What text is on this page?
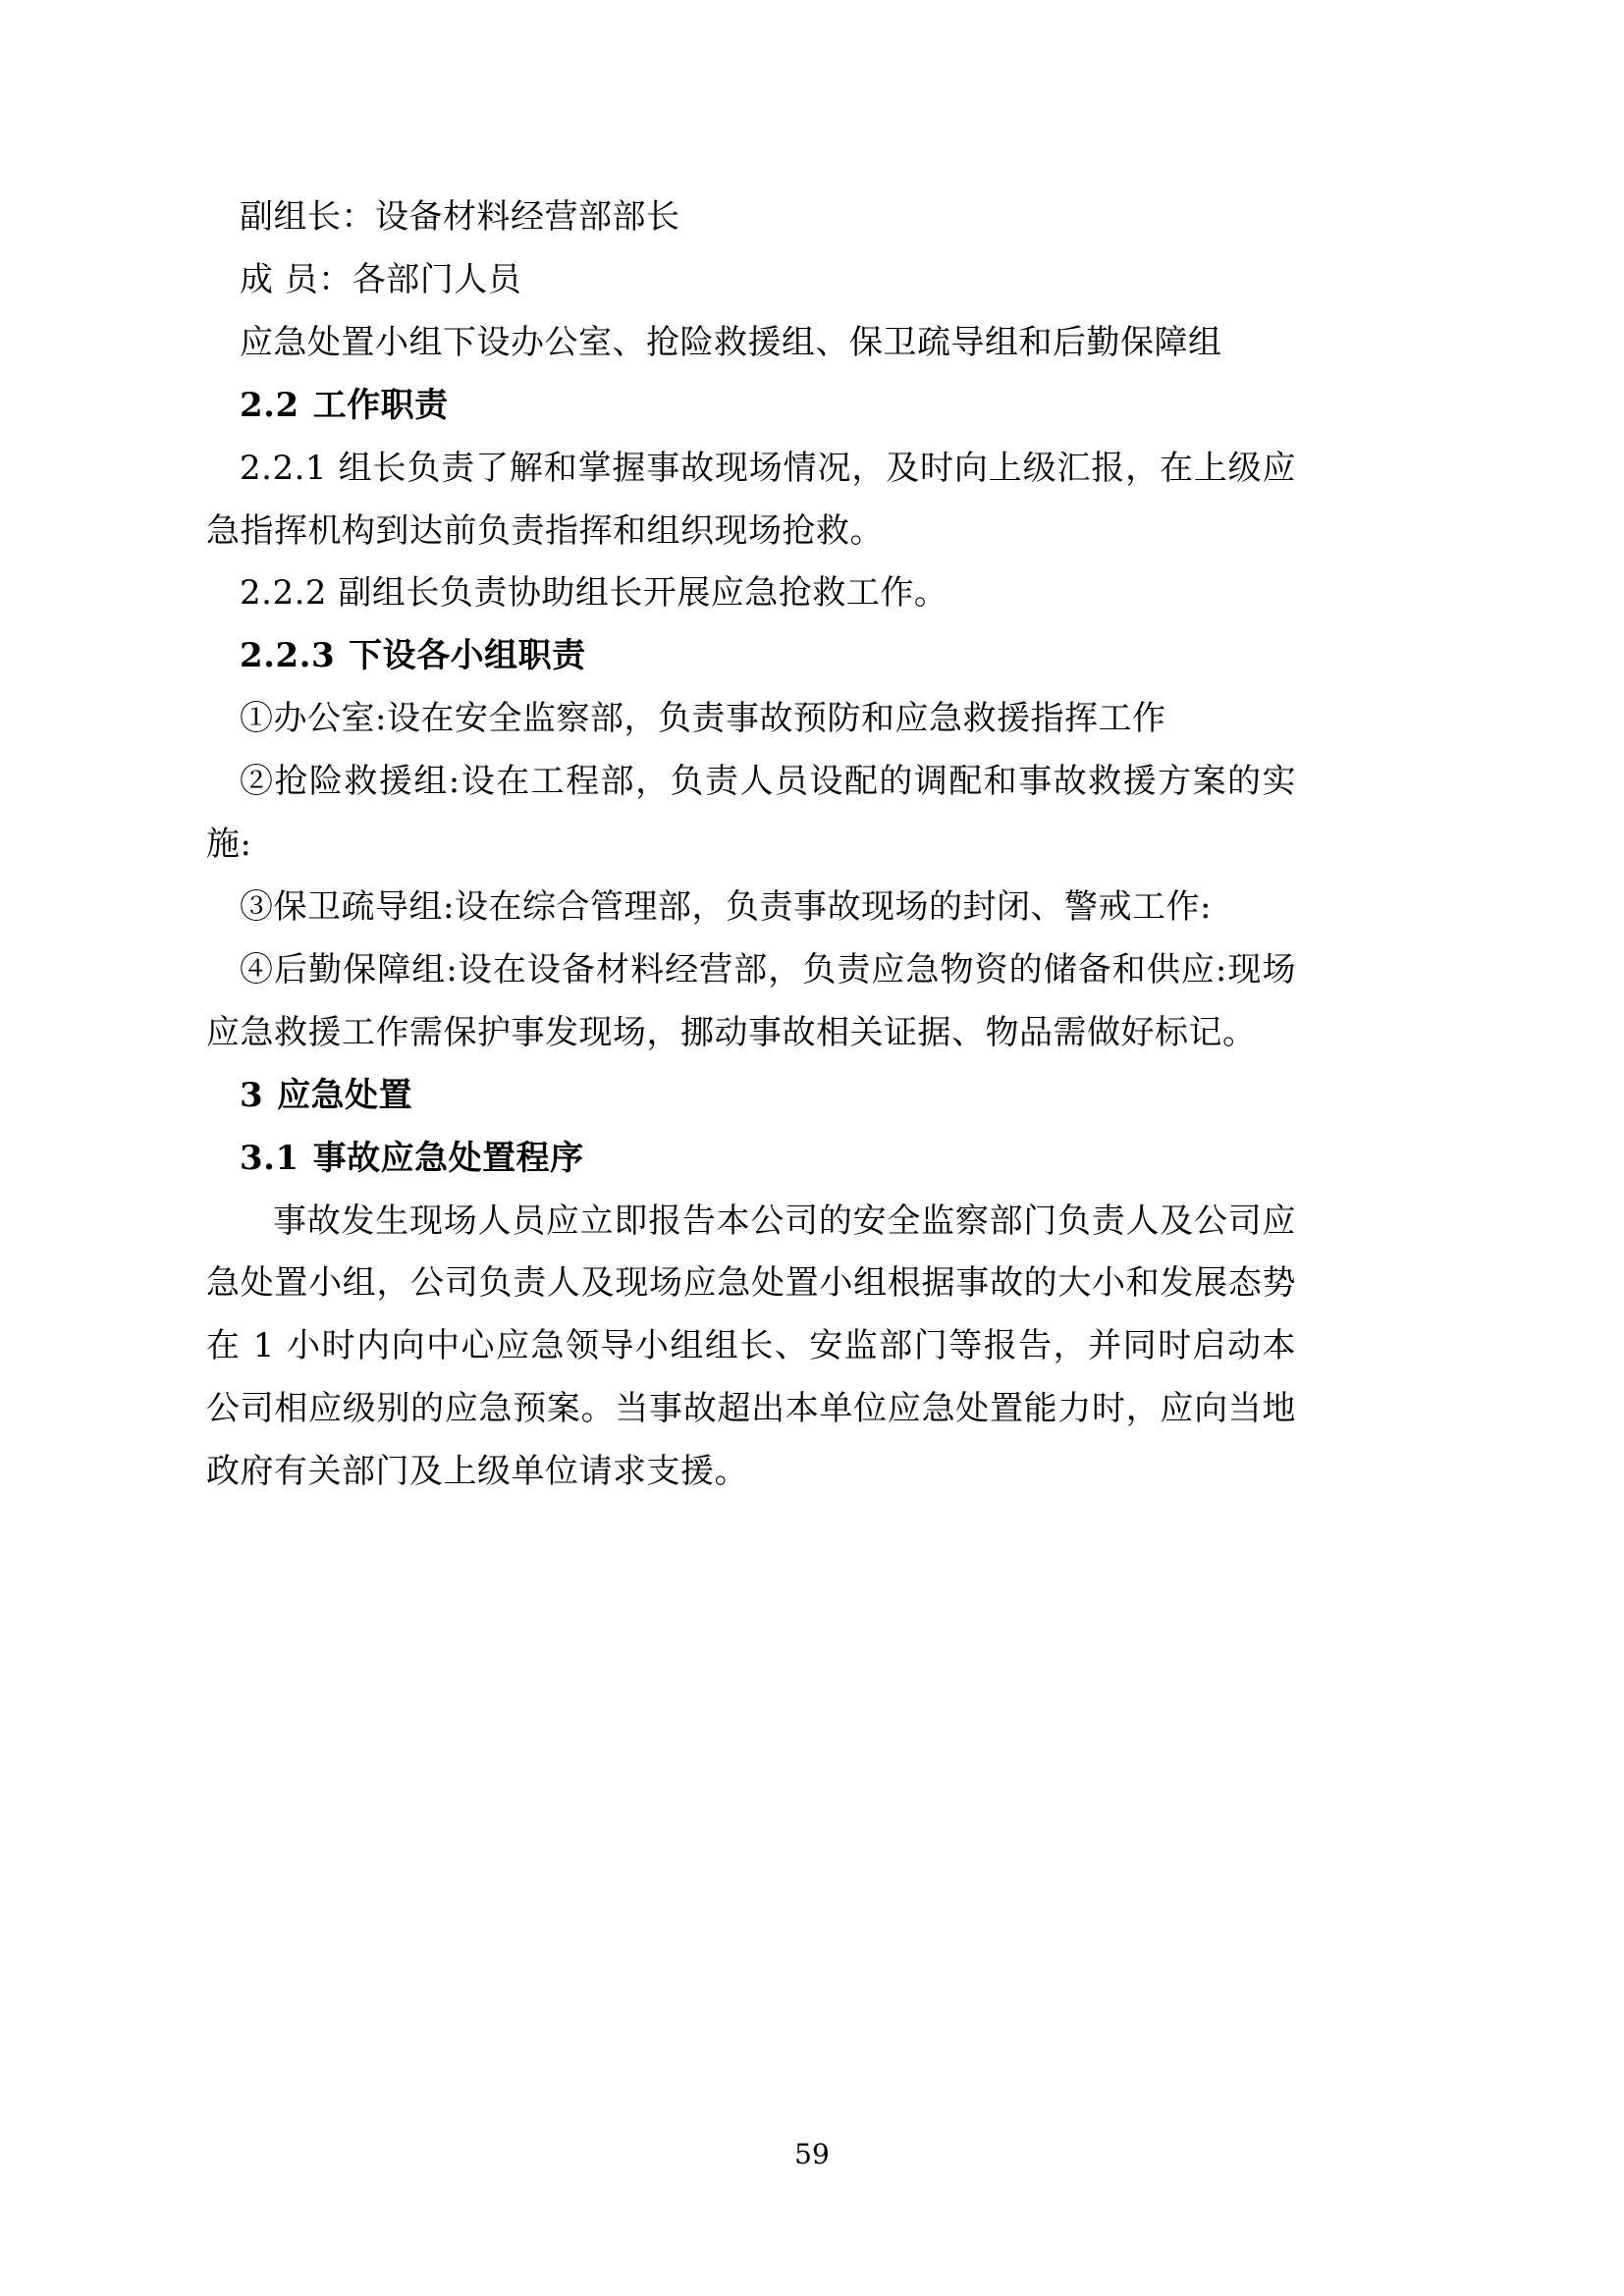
副组长：设备材料经营部部长

成 员：各部门人员

应急处置小组下设办公室、抢险救援组、保卫疏导组和后勤保障组

2.2 工作职责

2.2.1 组长负责了解和掌握事故现场情况，及时向上级汇报，在上级应急指挥机构到达前负责指挥和组织现场抢救。

2.2.2 副组长负责协助组长开展应急抢救工作。

2.2.3 下设各小组职责

①办公室:设在安全监察部，负责事故预防和应急救援指挥工作

②抢险救援组:设在工程部，负责人员设配的调配和事故救援方案的实施:

③保卫疏导组:设在综合管理部，负责事故现场的封闭、警戒工作:

④后勤保障组:设在设备材料经营部，负责应急物资的储备和供应:现场应急救援工作需保护事发现场，挪动事故相关证据、物品需做好标记。

3 应急处置
3.1 事故应急处置程序

事故发生现场人员应立即报告本公司的安全监察部门负责人及公司应急处置小组，公司负责人及现场应急处置小组根据事故的大小和发展态势在 1 小时内向中心应急领导小组组长、安监部门等报告，并同时启动本公司相应级别的应急预案。当事故超出本单位应急处置能力时，应向当地政府有关部门及上级单位请求支援。

59
